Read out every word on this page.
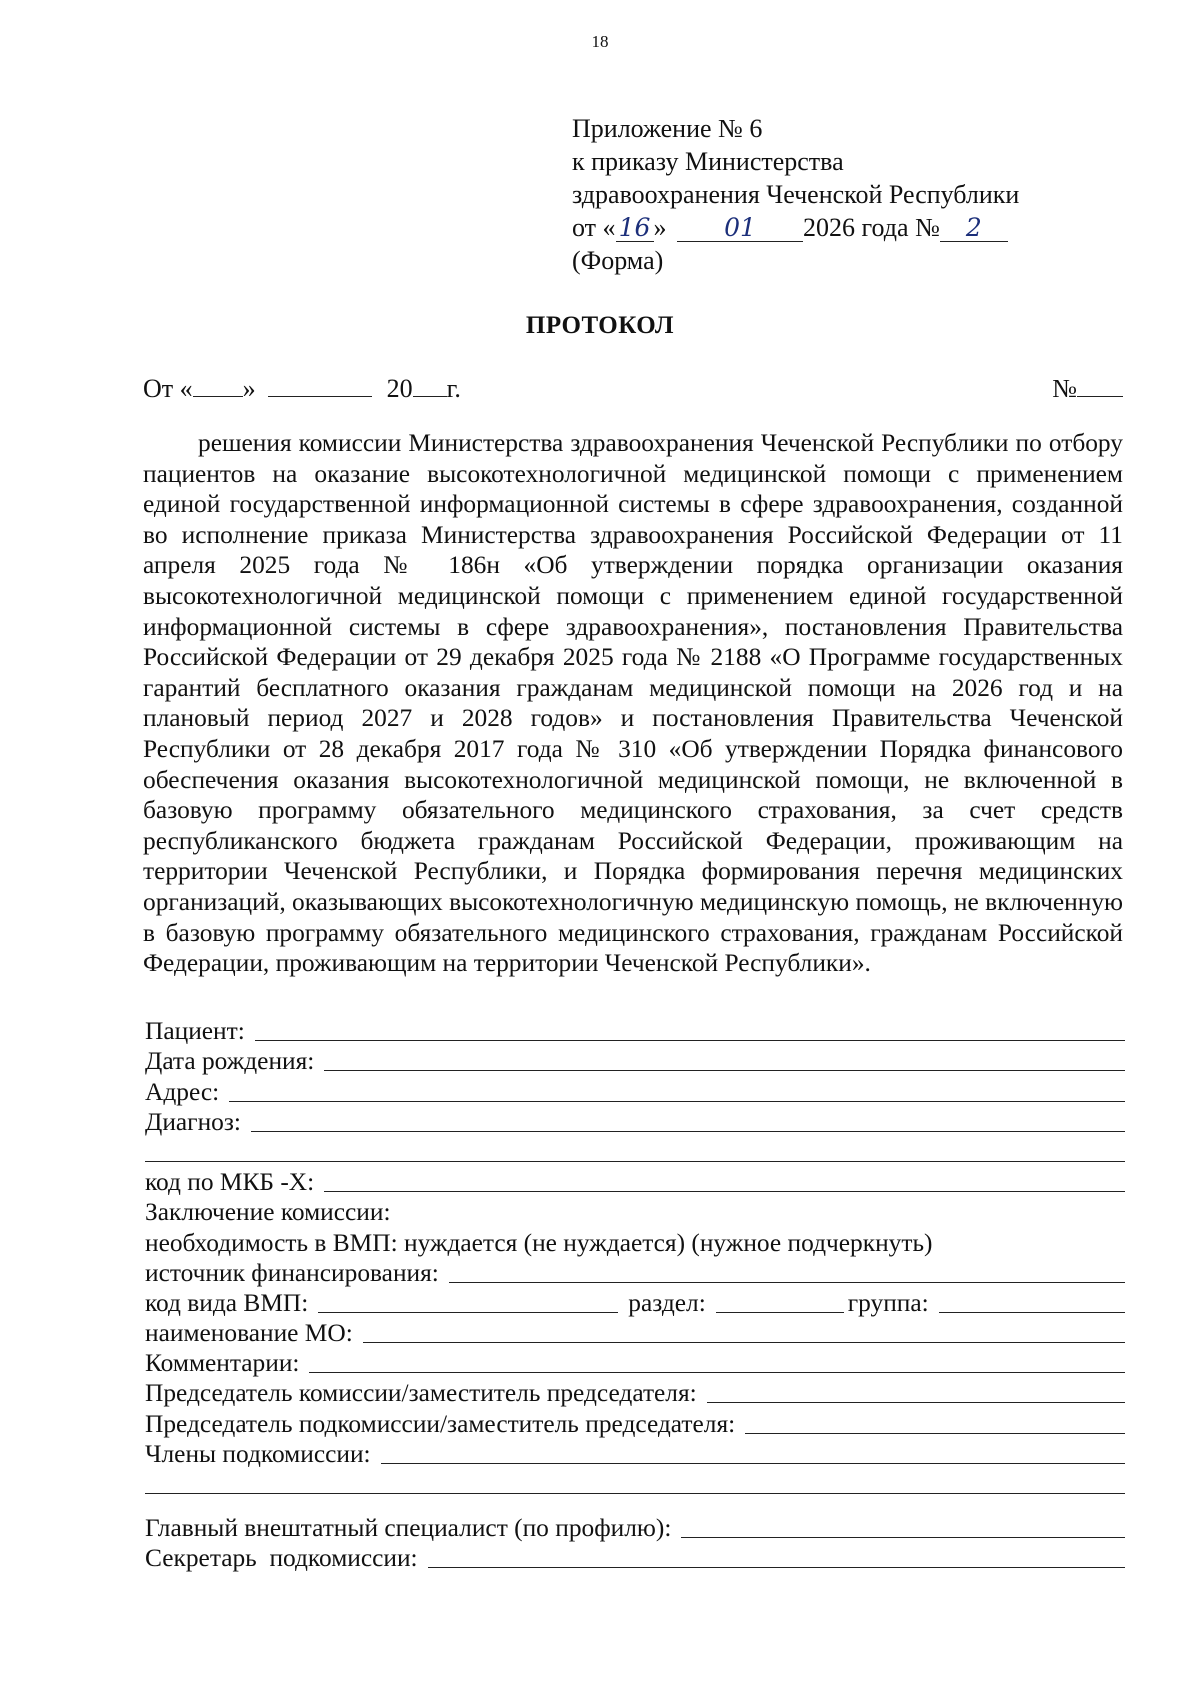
18
Приложение № 6
к приказу Министерства
здравоохранения Чеченской Республики
от « 16 » 01 2026 года № 2
(Форма)
ПРОТОКОЛ
От « »	20 г.	№
решения комиссии Министерства здравоохранения Чеченской Республики по отбору пациентов на оказание высокотехнологичной медицинской помощи с применением единой государственной информационной системы в сфере здравоохранения, созданной во исполнение приказа Министерства здравоохранения Российской Федерации от 11 апреля 2025 года № 186н «Об утверждении порядка организации оказания высокотехнологичной медицинской помощи с применением единой государственной информационной системы в сфере здравоохранения», постановления Правительства Российской Федерации от 29 декабря 2025 года № 2188 «О Программе государственных гарантий бесплатного оказания гражданам медицинской помощи на 2026 год и на плановый период 2027 и 2028 годов» и постановления Правительства Чеченской Республики от 28 декабря 2017 года № 310 «Об утверждении Порядка финансового обеспечения оказания высокотехнологичной медицинской помощи, не включенной в базовую программу обязательного медицинского страхования, за счет средств республиканского бюджета гражданам Российской Федерации, проживающим на территории Чеченской Республики, и Порядка формирования перечня медицинских организаций, оказывающих высокотехнологичную медицинскую помощь, не включенную в базовую программу обязательного медицинского страхования, гражданам Российской Федерации, проживающим на территории Чеченской Республики».
Пациент:
Дата рождения:
Адрес:
Диагноз:
код по МКБ -Х:
Заключение комиссии:
необходимость в ВМП: нуждается (не нуждается) (нужное подчеркнуть)
источник финансирования:
код вида ВМП:	раздел:	группа:
наименование МО:
Комментарии:
Председатель комиссии/заместитель председателя:
Председатель подкомиссии/заместитель председателя:
Члены подкомиссии:
Главный внештатный специалист (по профилю):
Секретарь  подкомиссии:
